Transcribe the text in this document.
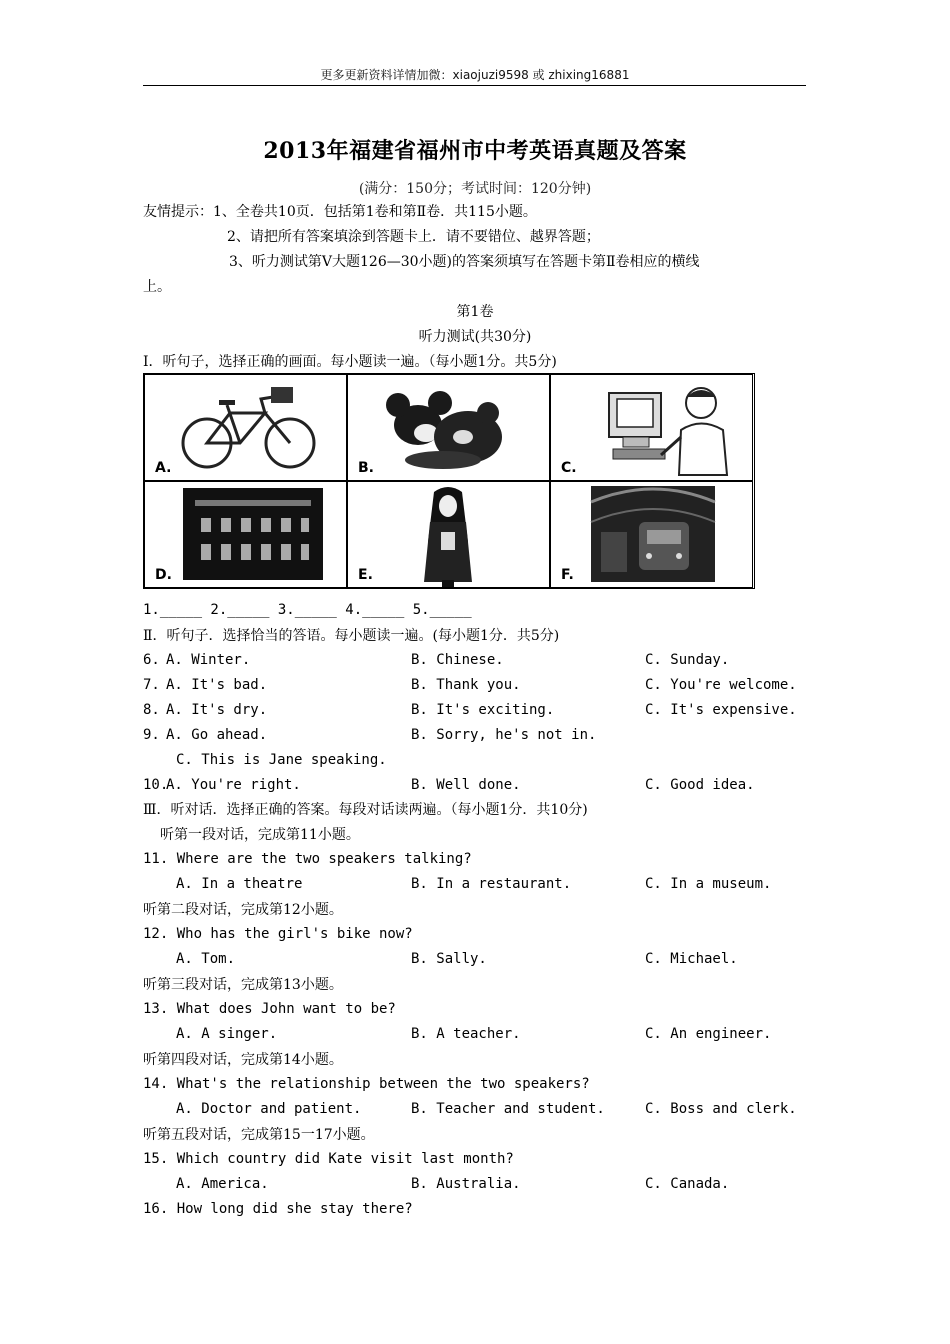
更多更新资料详情加微：xiaojuzi9598 或 zhixing16881
2013年福建省福州市中考英语真题及答案
(满分：150分；考试时间：120分钟)
友情提示：1、全卷共10页．包括第1卷和第Ⅱ卷．共115小题。
2、请把所有答案填涂到答题卡上．请不要错位、越界答题；
3、听力测试第Ⅴ大题126—30小题)的答案须填写在答题卡第Ⅱ卷相应的横线
上。
第1卷
听力测试(共30分)
I．听句子，选择正确的画面。每小题读一遍。（每小题1分。共5分)
A.	B.	C.
D.	E.	F.
1._____ 2._____ 3._____ 4._____ 5._____
Ⅱ．听句子．选择恰当的答语。每小题读一遍。(每小题1分．共5分)
Ⅲ．听对话．选择正确的答案。每段对话读两遍。（每小题1分．共10分)
6. A. Winter.	B. Chinese.	C. Sunday.
7. A. It's bad.	B. Thank you.	C. You're welcome.
8. A. It's dry.	B. It's exciting.	C. It's expensive.
9. A. Go ahead.	B. Sorry, he's not in.
C. This is Jane speaking.
10.
A. You're right.	B. Well done.	C. Good idea.
听第一段对话，完成第11小题。
11. Where are the two speakers talking?
A. In a theatre	B. In a restaurant.	C. In a museum.
听第二段对话，完成第12小题。
12. Who has the girl's bike now?
A. Tom.	B. Sally.	C. Michael.
听第三段对话，完成第13小题。
13. What does John want to be?
A. A singer.	B. A teacher.	C. An engineer.
听第四段对话，完成第14小题。
14. What's the relationship between the two speakers?
A. Doctor and patient.	B. Teacher and student.	C. Boss and clerk.
听第五段对话，完成第15一17小题。
15. Which country did Kate visit last month?
A. America.	B. Australia.	C. Canada.
16. How long did she stay there?
